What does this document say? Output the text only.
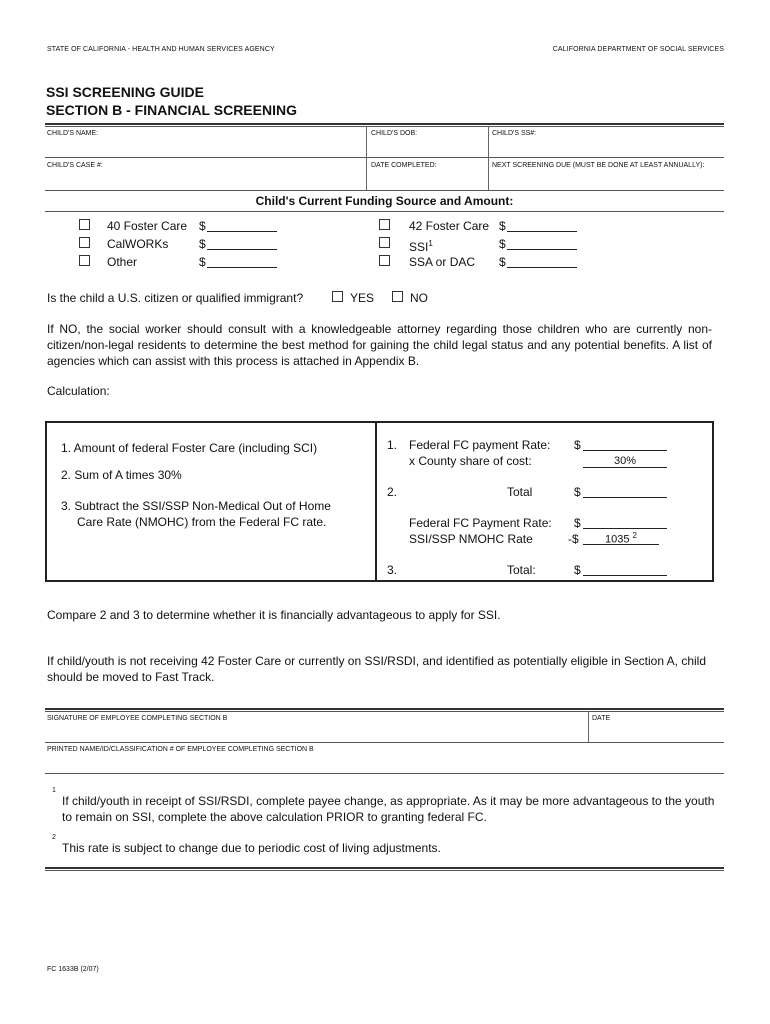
STATE OF CALIFORNIA - HEALTH AND HUMAN SERVICES AGENCY	CALIFORNIA DEPARTMENT OF SOCIAL SERVICES
SSI SCREENING GUIDE
SECTION B - FINANCIAL SCREENING
CHILD'S NAME:	CHILD'S DOB:	CHILD'S SS#:
CHILD'S CASE #:	DATE COMPLETED:	NEXT SCREENING DUE (MUST BE DONE AT LEAST ANNUALLY):
Child's Current Funding Source and Amount:
40 Foster Care $
CalWORKs	$
Other	$
42 Foster Care $
SSI$^1$	$
SSA or DAC $
Is the child a U.S. citizen or qualified immigrant?	YES	NO
If NO, the social worker should consult with a knowledgeable attorney regarding those children who are currently non-citizen/non-legal residents to determine the best method for gaining the child legal status and any potential benefits. A list of agencies which can assist with this process is attached in Appendix B.
Calculation:
1. Amount of federal Foster Care (including SCI)
2. Sum of A times 30%
3. Subtract the SSI/SSP Non-Medical Out of Home
Care Rate (NMOHC) from the Federal FC rate.
1. Federal FC payment Rate: $
x County share of cost:	30%
2.	Total	$
Federal FC Payment Rate: $
SSI/SSP NMOHC Rate	-$	1035 $^2$
3.	Total:	$
Compare 2 and 3 to determine whether it is financially advantageous to apply for SSI.
If child/youth is not receiving 42 Foster Care or currently on SSI/RSDI, and identified as potentially eligible in Section A, child should be moved to Fast Track.
SIGNATURE OF EMPLOYEE COMPLETING SECTION B	DATE
PRINTED NAME/ID/CLASSIFICATION # OF EMPLOYEE COMPLETING SECTION B
1
If child/youth in receipt of SSI/RSDI, complete payee change, as appropriate. As it may be more advantageous to the youth to remain on SSI, complete the above calculation PRIOR to granting federal FC.
2
This rate is subject to change due to periodic cost of living adjustments.
FC 1633B (2/07)
